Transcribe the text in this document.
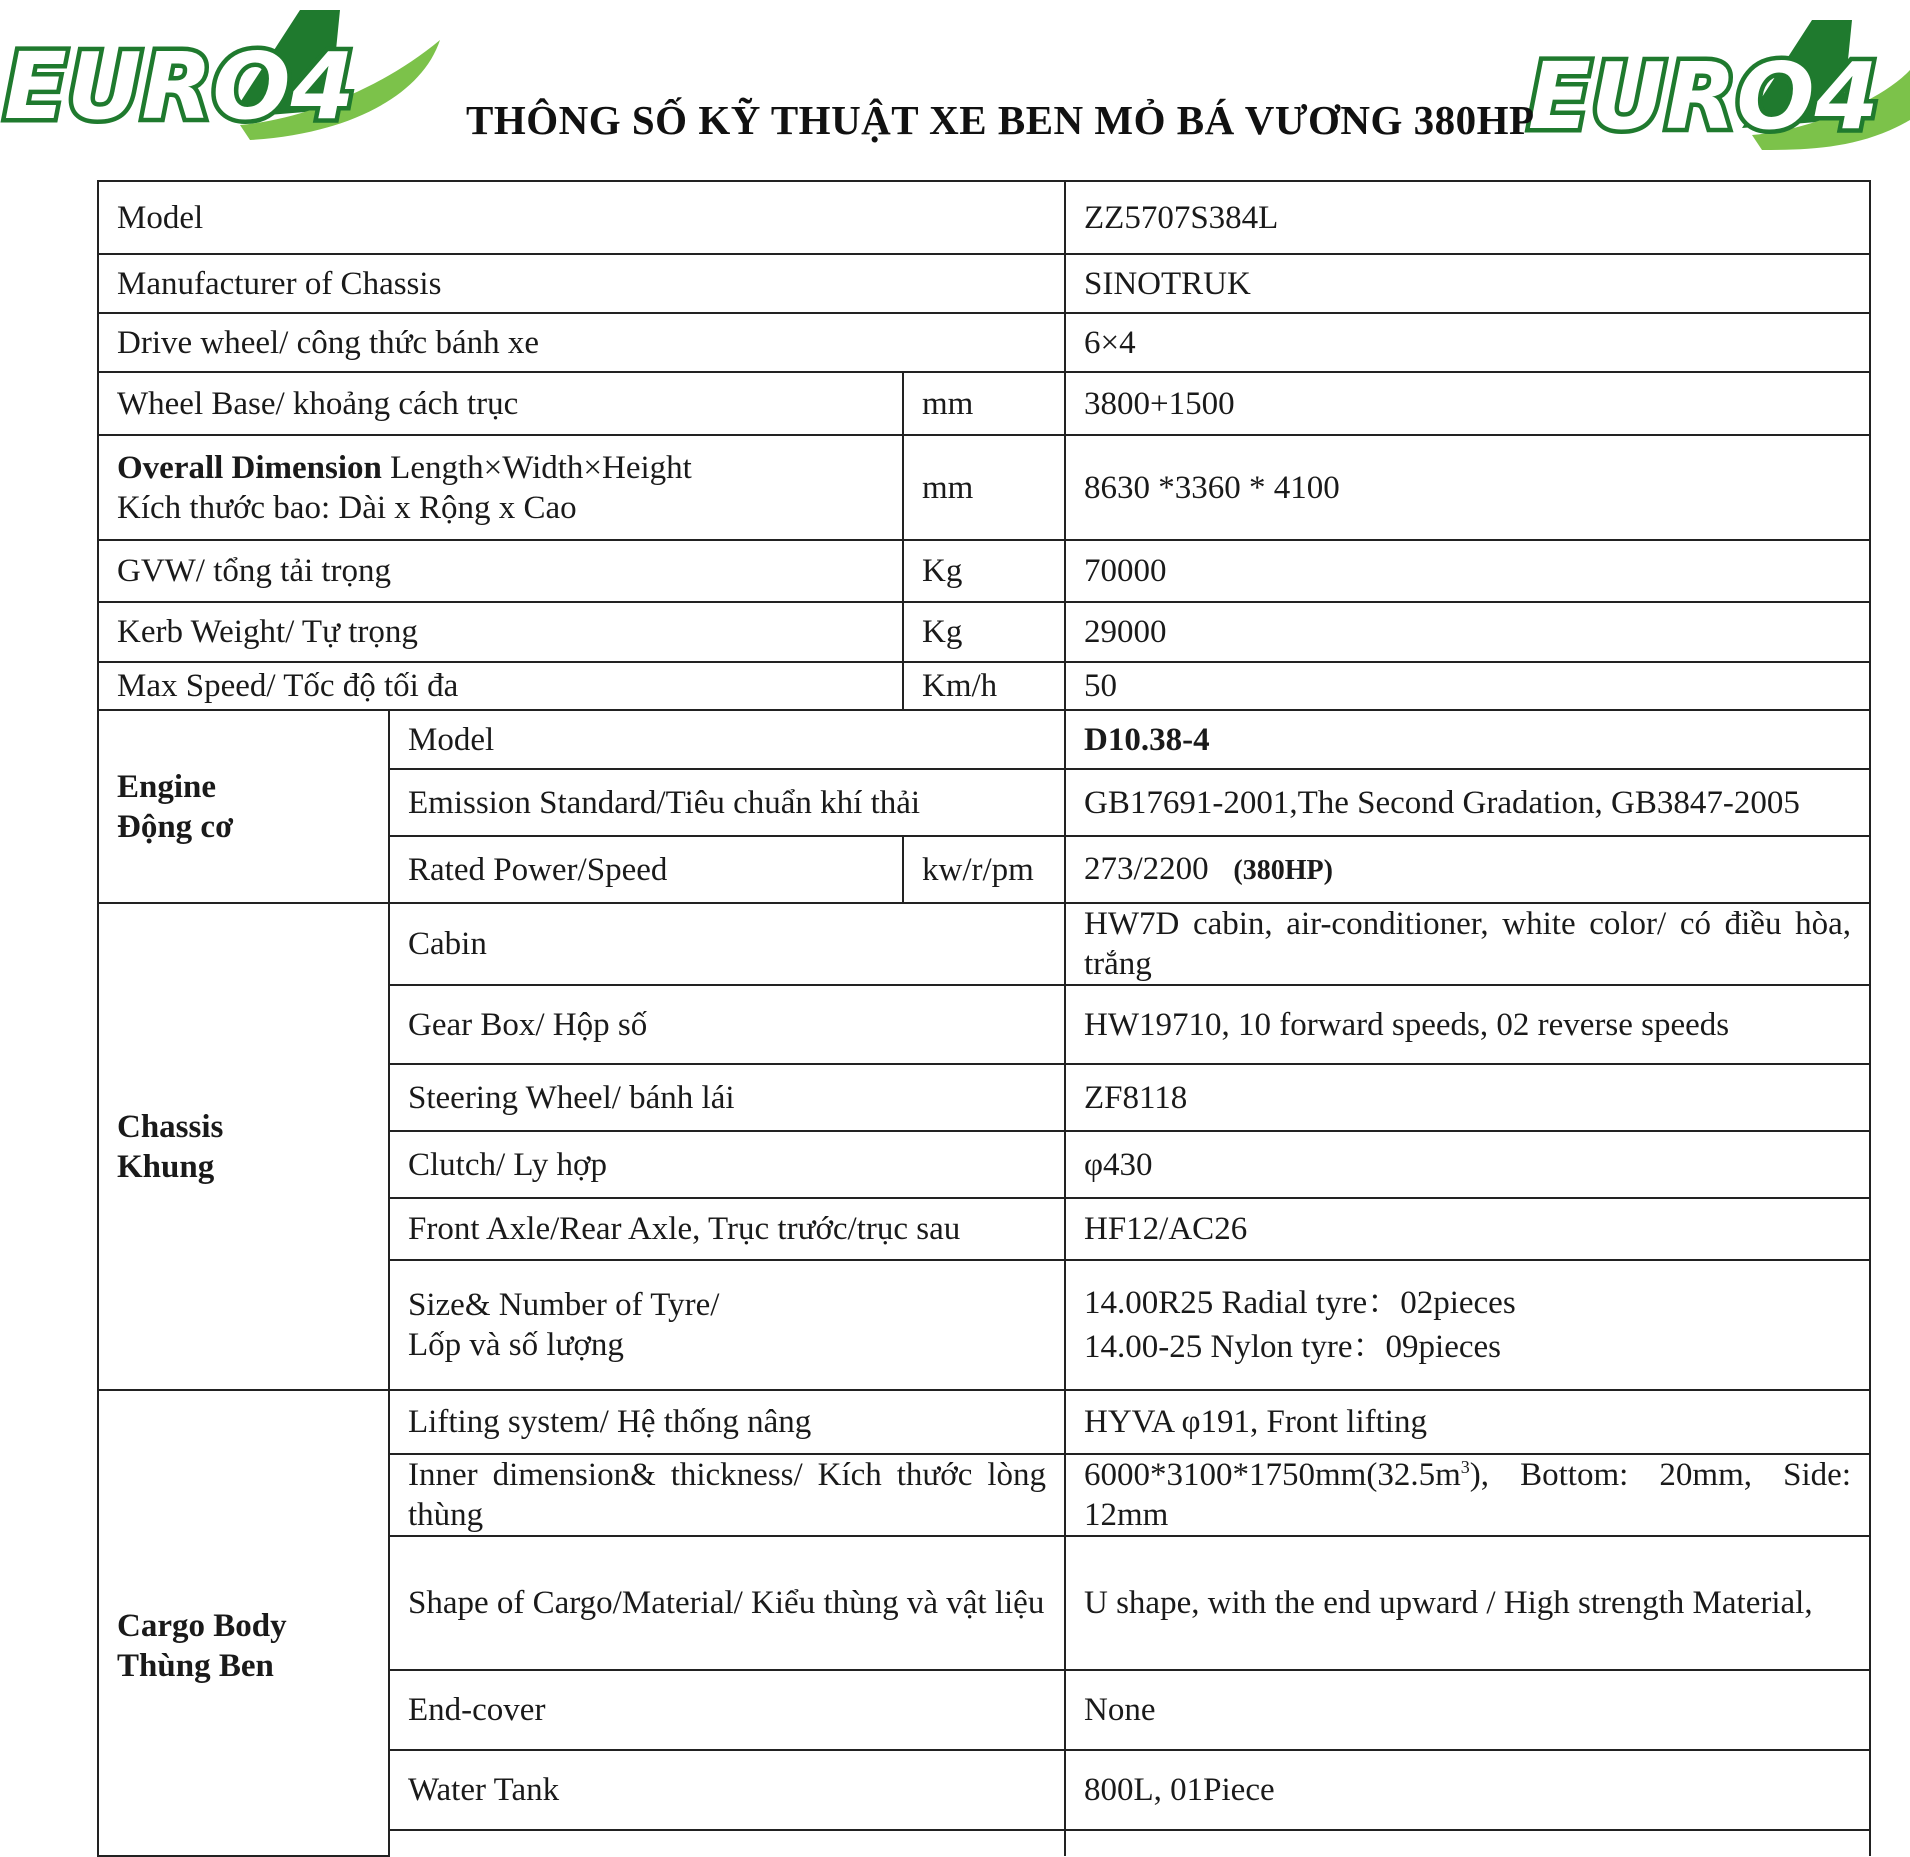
EURO4	EURO4
THÔNG SỐ KỸ THUẬT XE BEN MỎ BÁ VƯƠNG 380HP
Model			ZZ5707S384L
Manufacturer of Chassis			SINOTRUK
Drive wheel/ công thức bánh xe			6×4
Wheel Base/ khoảng cách trục		mm	3800+1500
Overall Dimension Length×Width×Height
Kích thước bao: Dài x Rộng x Cao		mm	8630 *3360 * 4100
GVW/ tổng tải trọng		Kg	70000
Kerb Weight/ Tự trọng		Kg	29000
Max Speed/ Tốc độ tối đa		Km/h	50
Engine
Động cơ	Model		D10.38-4
	Emission Standard/Tiêu chuẩn khí thải		GB17691-2001,The Second Gradation, GB3847-2005
	Rated Power/Speed	kw/r/pm	273/2200 (380HP)
Chassis
Khung	Cabin		HW7D cabin, air-conditioner, white color/ có điều hòa, trắng
	Gear Box/ Hộp số		HW19710, 10 forward speeds, 02 reverse speeds
	Steering Wheel/ bánh lái		ZF8118
	Clutch/ Ly hợp		φ430
	Front Axle/Rear Axle, Trục trước/trục sau		HF12/AC26
	Size& Number of Tyre/
Lốp và số lượng		14.00R25 Radial tyre：02pieces
14.00-25 Nylon tyre：09pieces
Cargo Body
Thùng Ben	Lifting system/ Hệ thống nâng		HYVA φ191, Front lifting
	Inner dimension& thickness/ Kích thước lòng thùng		$6000*3100*1750mm(32.5m^3)$, Bottom: 20mm, Side: 12mm
	Shape of Cargo/Material/ Kiểu thùng và vật liệu		U shape, with the end upward / High strength Material,
	End-cover		None
	Water Tank		800L, 01Piece
